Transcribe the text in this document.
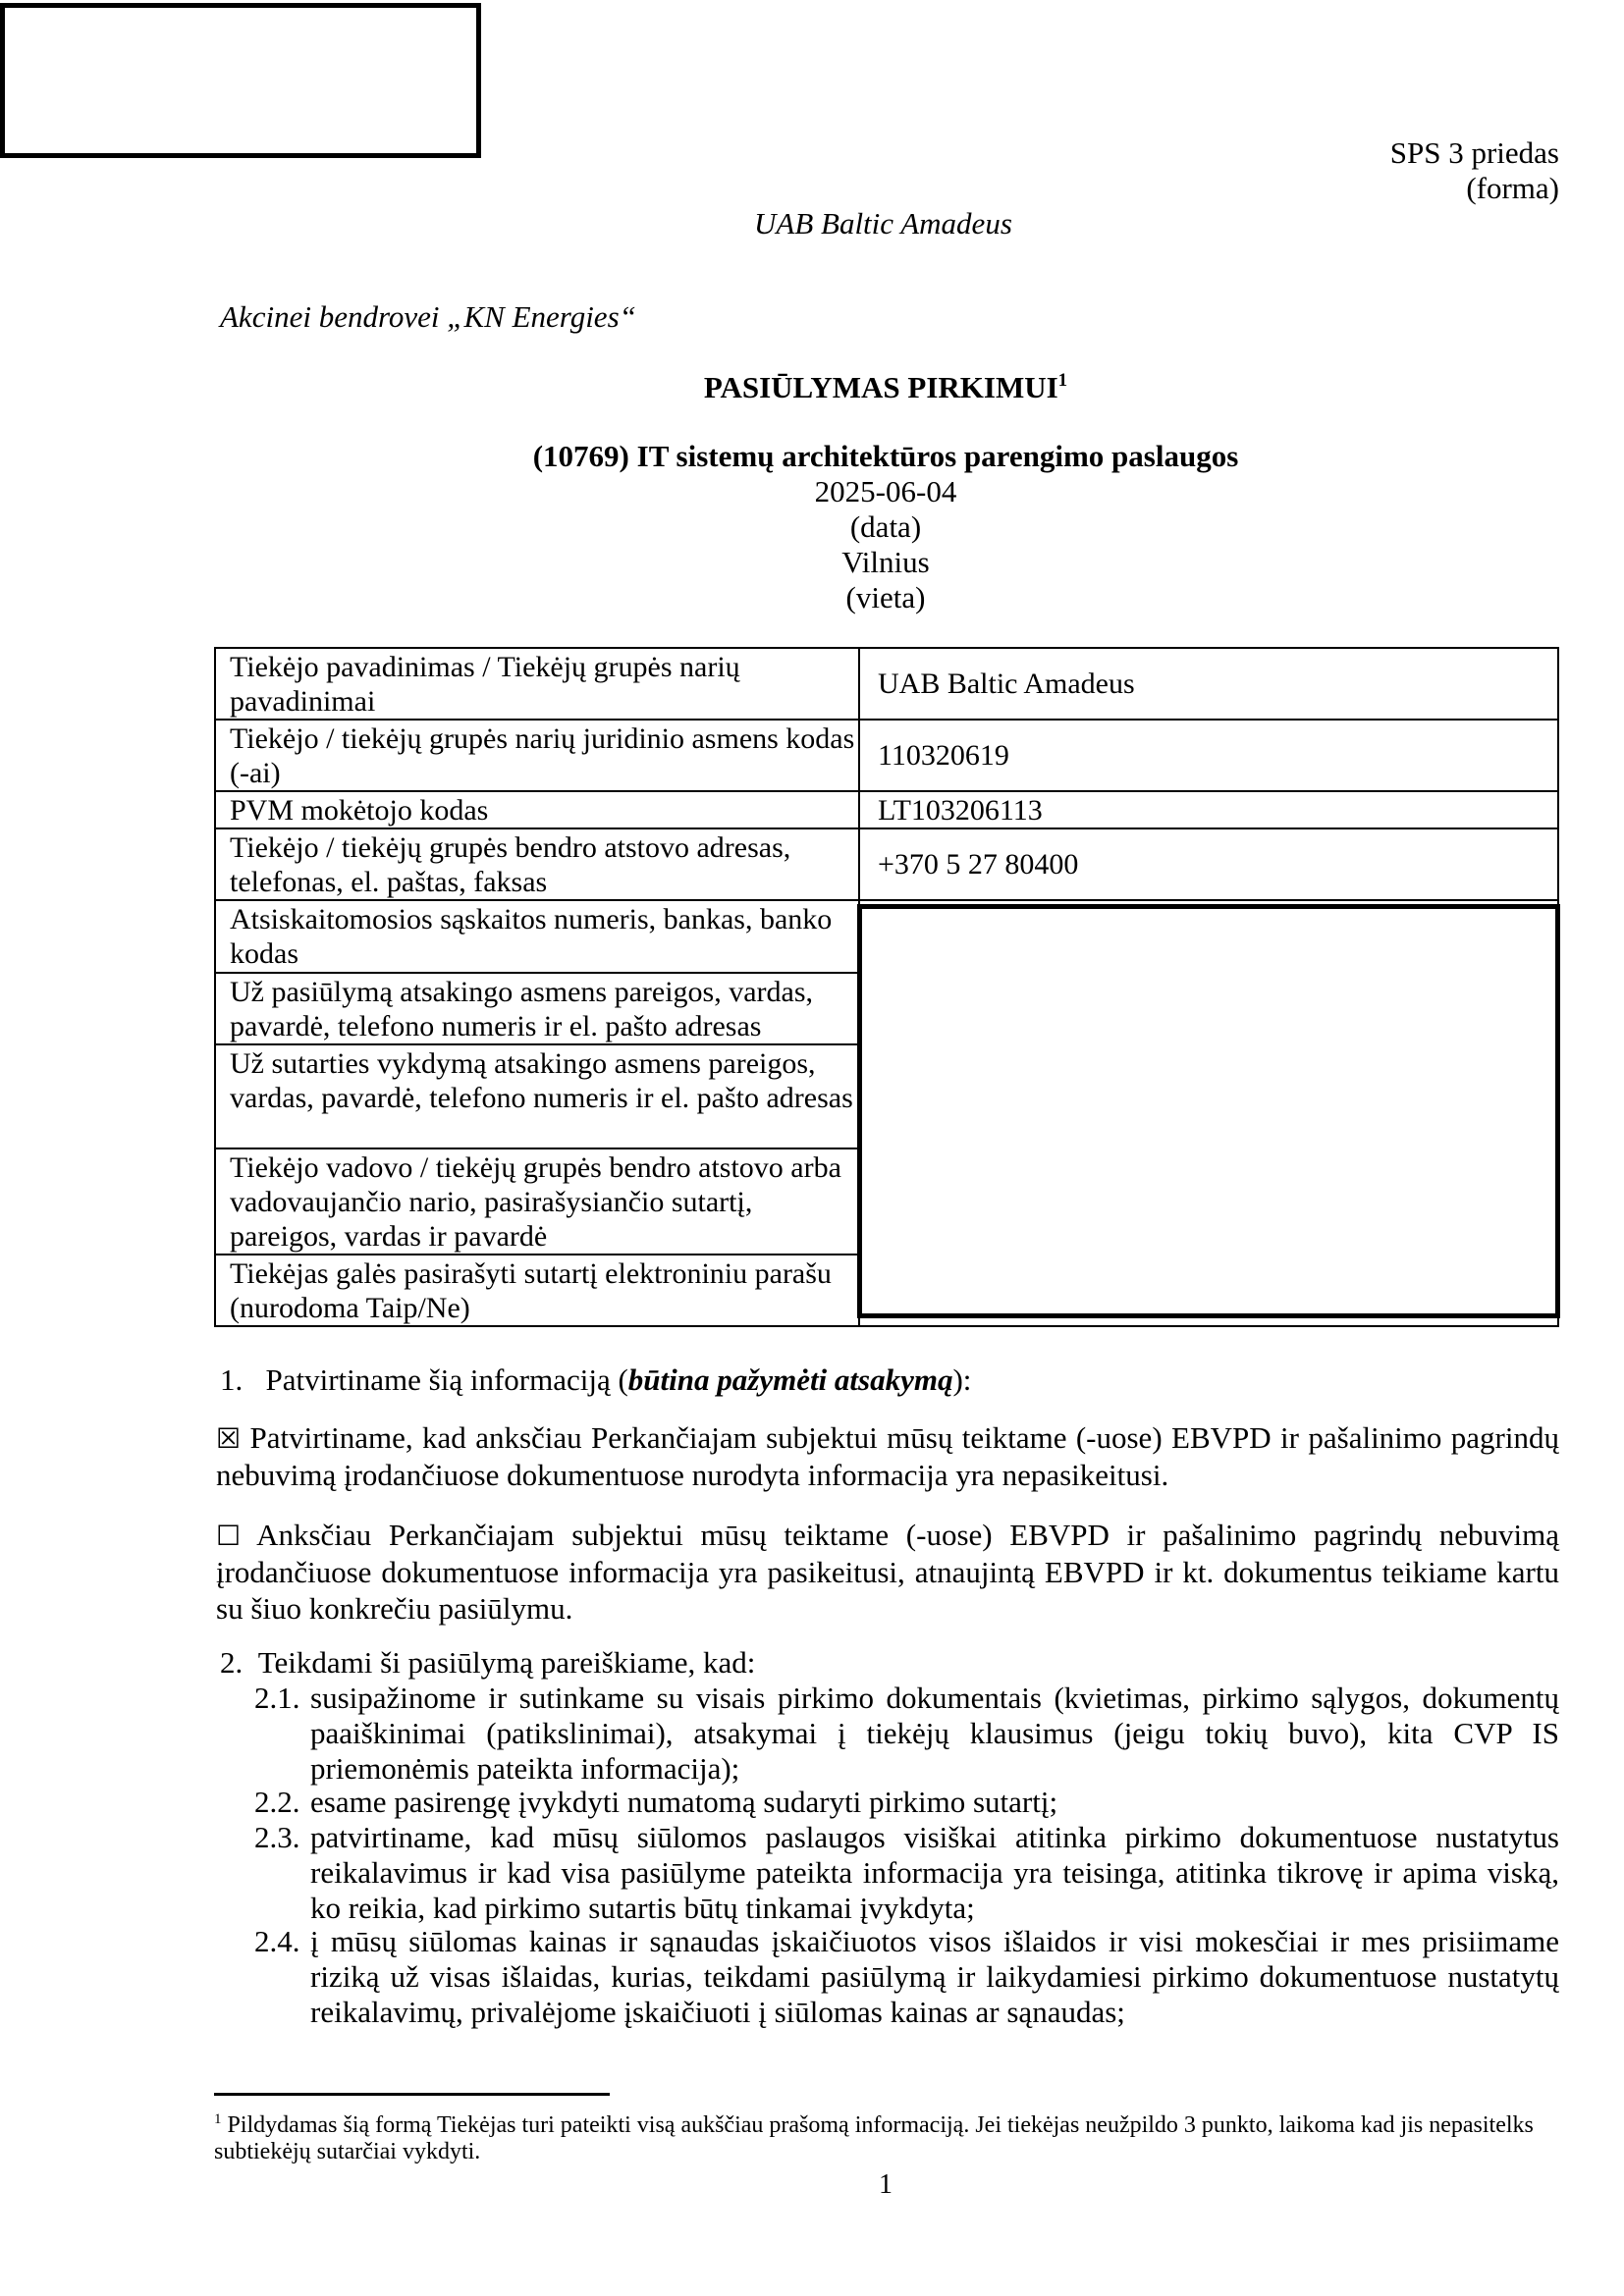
SPS 3 priedas
(forma)
UAB Baltic Amadeus
Akcinei bendrovei „KN Energies“
PASIŪLYMAS PIRKIMUI$^1$
(10769) IT sistemų architektūros parengimo paslaugos
2025-06-04
(data)
Vilnius
(vieta)
Tiekėjo pavadinimas / Tiekėjų grupės narių pavadinimai	UAB Baltic Amadeus
Tiekėjo / tiekėjų grupės narių juridinio asmens kodas (-ai)	110320619
PVM mokėtojo kodas	LT103206113
Tiekėjo / tiekėjų grupės bendro atstovo adresas, telefonas, el. paštas, faksas	+370 5 27 80400
Atsiskaitomosios sąskaitos numeris, bankas, banko kodas	
Už pasiūlymą atsakingo asmens pareigos, vardas, pavardė, telefono numeris ir el. pašto adresas	
Už sutarties vykdymą atsakingo asmens pareigos, vardas, pavardė, telefono numeris ir el. pašto adresas	
Tiekėjo vadovo / tiekėjų grupės bendro atstovo arba vadovaujančio nario, pasirašysiančio sutartį, pareigos, vardas ir pavardė	
Tiekėjas galės pasirašyti sutartį elektroniniu parašu (nurodoma Taip/Ne)	
1. Patvirtiname šią informaciją (būtina pažymėti atsakymą):
☒ Patvirtiname, kad anksčiau Perkančiajam subjektui mūsų teiktame (-uose) EBVPD ir pašalinimo pagrindų nebuvimą įrodančiuose dokumentuose nurodyta informacija yra nepasikeitusi.
☐ Anksčiau Perkančiajam subjektui mūsų teiktame (-uose) EBVPD ir pašalinimo pagrindų nebuvimą įrodančiuose dokumentuose informacija yra pasikeitusi, atnaujintą EBVPD ir kt. dokumentus teikiame kartu su šiuo konkrečiu pasiūlymu.
2. Teikdami ši pasiūlymą pareiškiame, kad:
2.1. susipažinome ir sutinkame su visais pirkimo dokumentais (kvietimas, pirkimo sąlygos, dokumentų paaiškinimai (patikslinimai), atsakymai į tiekėjų klausimus (jeigu tokių buvo), kita CVP IS priemonėmis pateikta informacija);
2.2. esame pasirengę įvykdyti numatomą sudaryti pirkimo sutartį;
2.3. patvirtiname, kad mūsų siūlomos paslaugos visiškai atitinka pirkimo dokumentuose nustatytus reikalavimus ir kad visa pasiūlyme pateikta informacija yra teisinga, atitinka tikrovę ir apima viską, ko reikia, kad pirkimo sutartis būtų tinkamai įvykdyta;
2.4. į mūsų siūlomas kainas ir sąnaudas įskaičiuotos visos išlaidos ir visi mokesčiai ir mes prisiimame riziką už visas išlaidas, kurias, teikdami pasiūlymą ir laikydamiesi pirkimo dokumentuose nustatytų reikalavimų, privalėjome įskaičiuoti į siūlomas kainas ar sąnaudas;
$^1$ Pildydamas šią formą Tiekėjas turi pateikti visą aukščiau prašomą informaciją. Jei tiekėjas neužpildo 3 punkto, laikoma kad jis nepasitelks subtiekėjų sutarčiai vykdyti.
1
